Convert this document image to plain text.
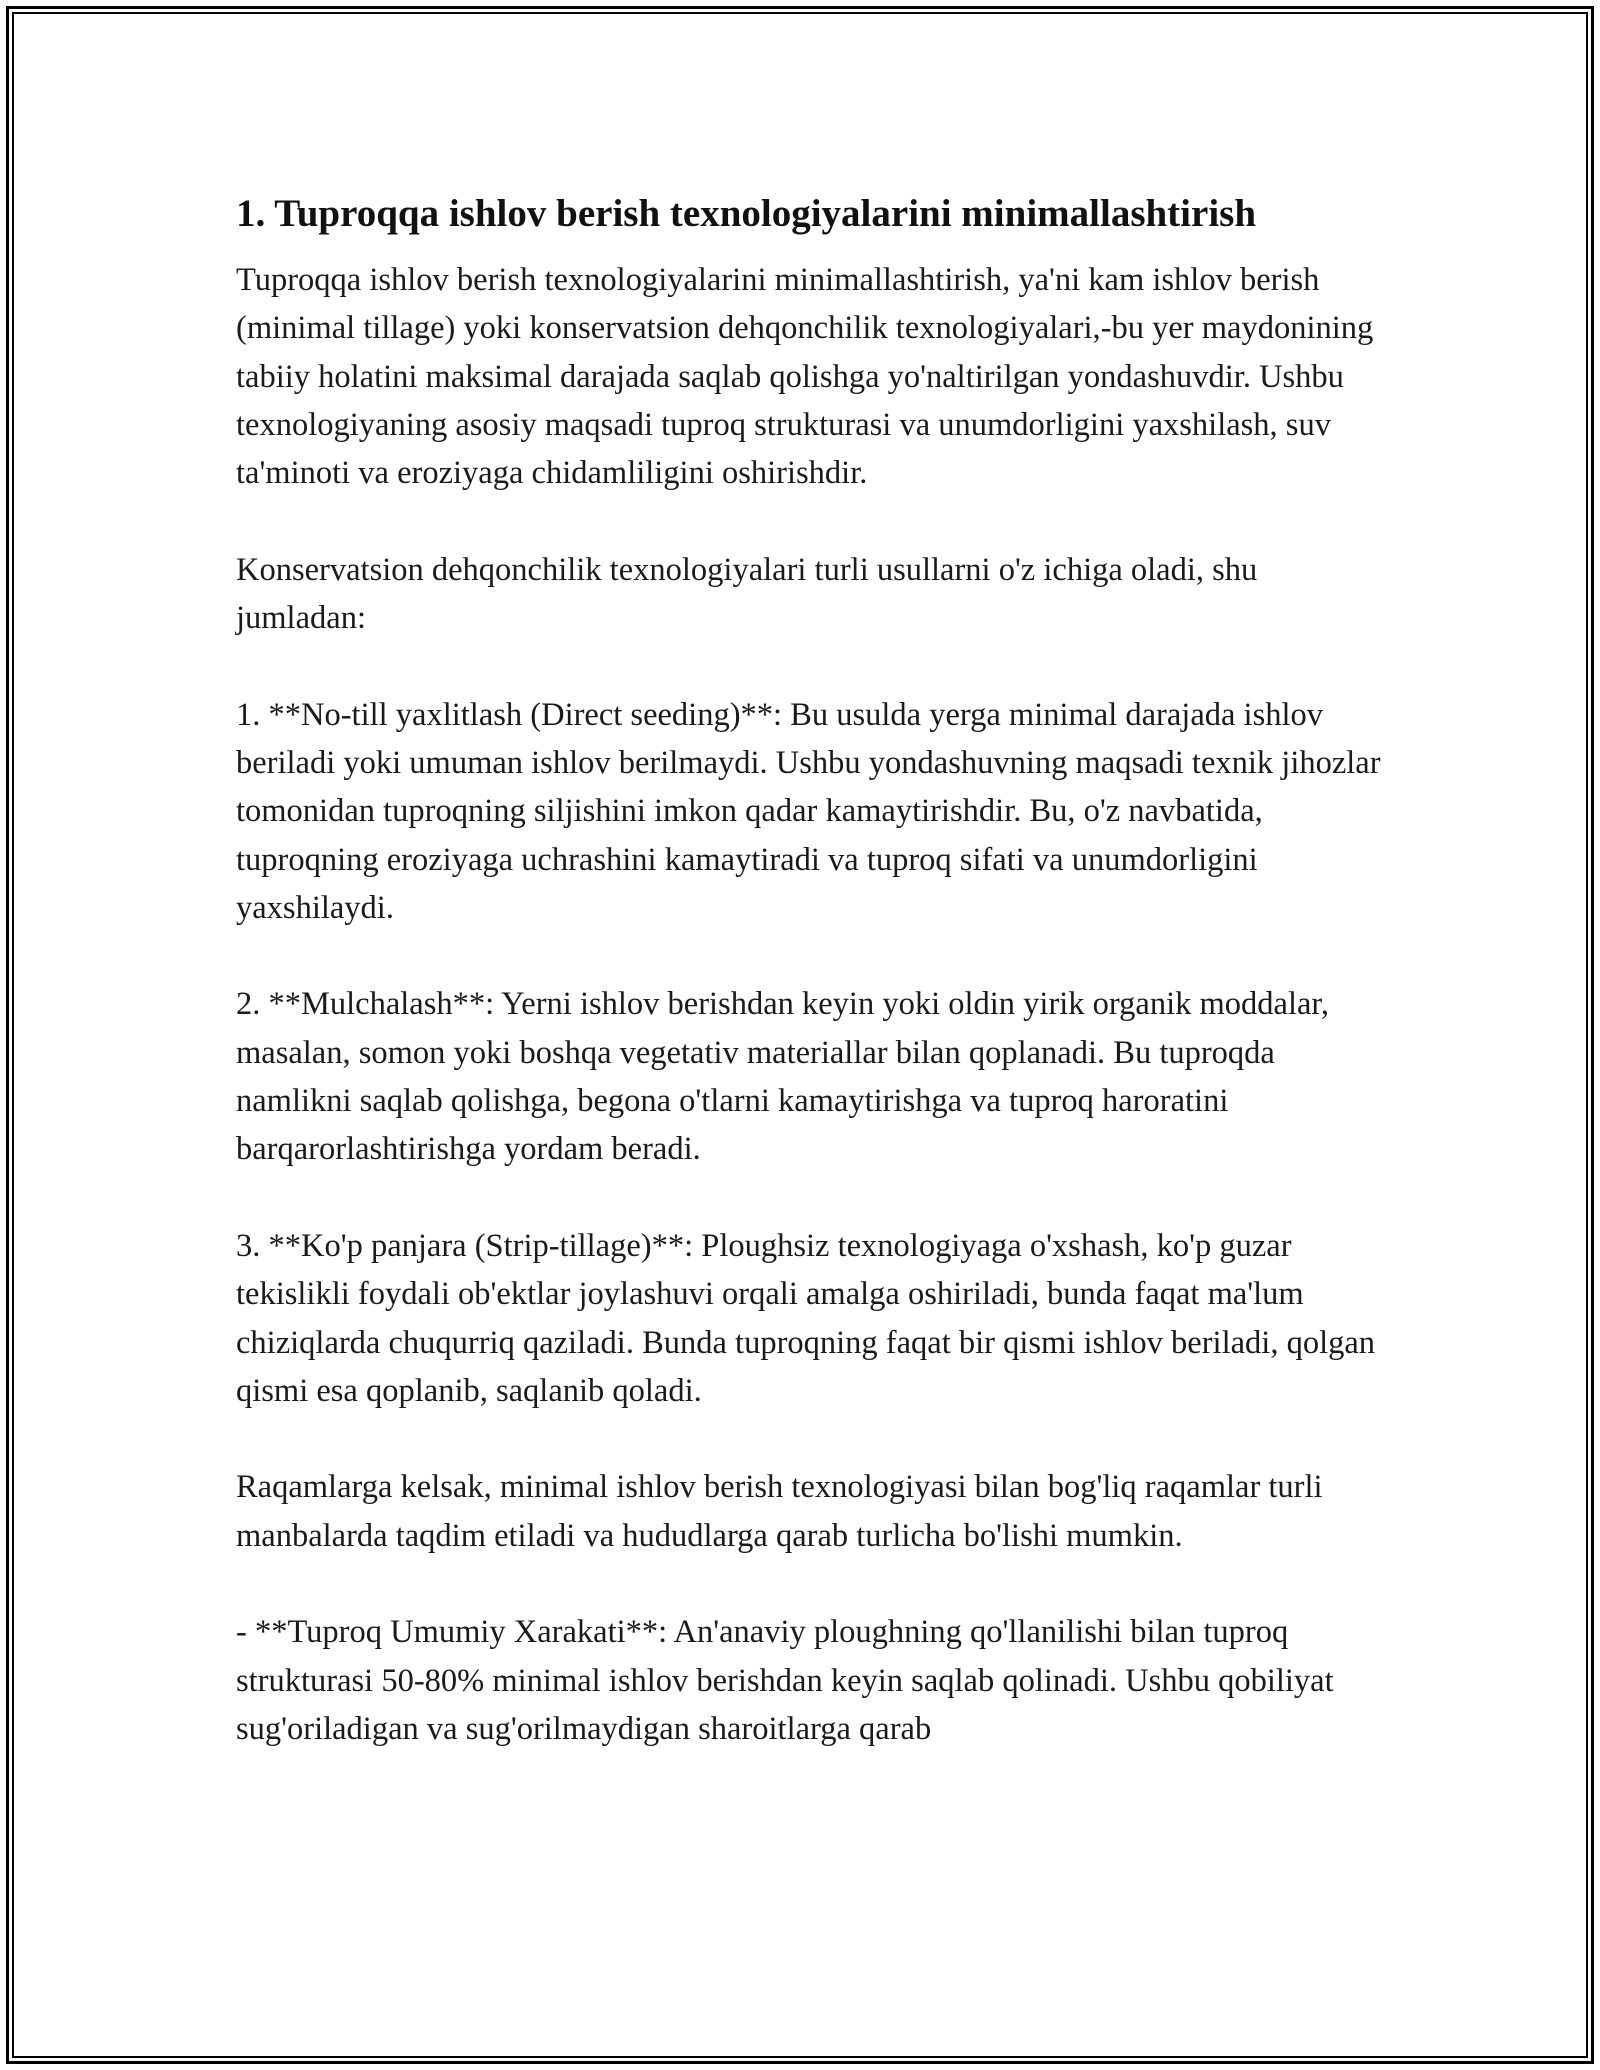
1. Tuproqqa ishlov berish texnologiyalarini minimallashtirish

Tuproqqa ishlov berish texnologiyalarini minimallashtirish, ya'ni kam ishlov berish (minimal tillage) yoki konservatsion dehqonchilik texnologiyalari,-bu yer maydonining tabiiy holatini maksimal darajada saqlab qolishga yo'naltirilgan yondashuvdir. Ushbu texnologiyaning asosiy maqsadi tuproq strukturasi va unumdorligini yaxshilash, suv ta'minoti va eroziyaga chidamliligini oshirishdir.

Konservatsion dehqonchilik texnologiyalari turli usullarni o'z ichiga oladi, shu jumladan:

1. **No-till yaxlitlash (Direct seeding)**: Bu usulda yerga minimal darajada ishlov beriladi yoki umuman ishlov berilmaydi. Ushbu yondashuvning maqsadi texnik jihozlar tomonidan tuproqning siljishini imkon qadar kamaytirishdir. Bu, o'z navbatida, tuproqning eroziyaga uchrashini kamaytiradi va tuproq sifati va unumdorligini yaxshilaydi.

2. **Mulchalash**: Yerni ishlov berishdan keyin yoki oldin yirik organik moddalar, masalan, somon yoki boshqa vegetativ materiallar bilan qoplanadi. Bu tuproqda namlikni saqlab qolishga, begona o'tlarni kamaytirishga va tuproq haroratini barqarorlashtirishga yordam beradi.

3. **Ko'p panjara (Strip-tillage)**: Ploughsiz texnologiyaga o'xshash, ko'p guzar tekislikli foydali ob'ektlar joylashuvi orqali amalga oshiriladi, bunda faqat ma'lum chiziqlarda chuqurriq qaziladi. Bunda tuproqning faqat bir qismi ishlov beriladi, qolgan qismi esa qoplanib, saqlanib qoladi.

Raqamlarga kelsak, minimal ishlov berish texnologiyasi bilan bog'liq raqamlar turli manbalarda taqdim etiladi va hududlarga qarab turlicha bo'lishi mumkin.

- **Tuproq Umumiy Xarakati**: An'anaviy ploughning qo'llanilishi bilan tuproq strukturasi 50-80% minimal ishlov berishdan keyin saqlab qolinadi. Ushbu qobiliyat sug'oriladigan va sug'orilmaydigan sharoitlarga qarab
